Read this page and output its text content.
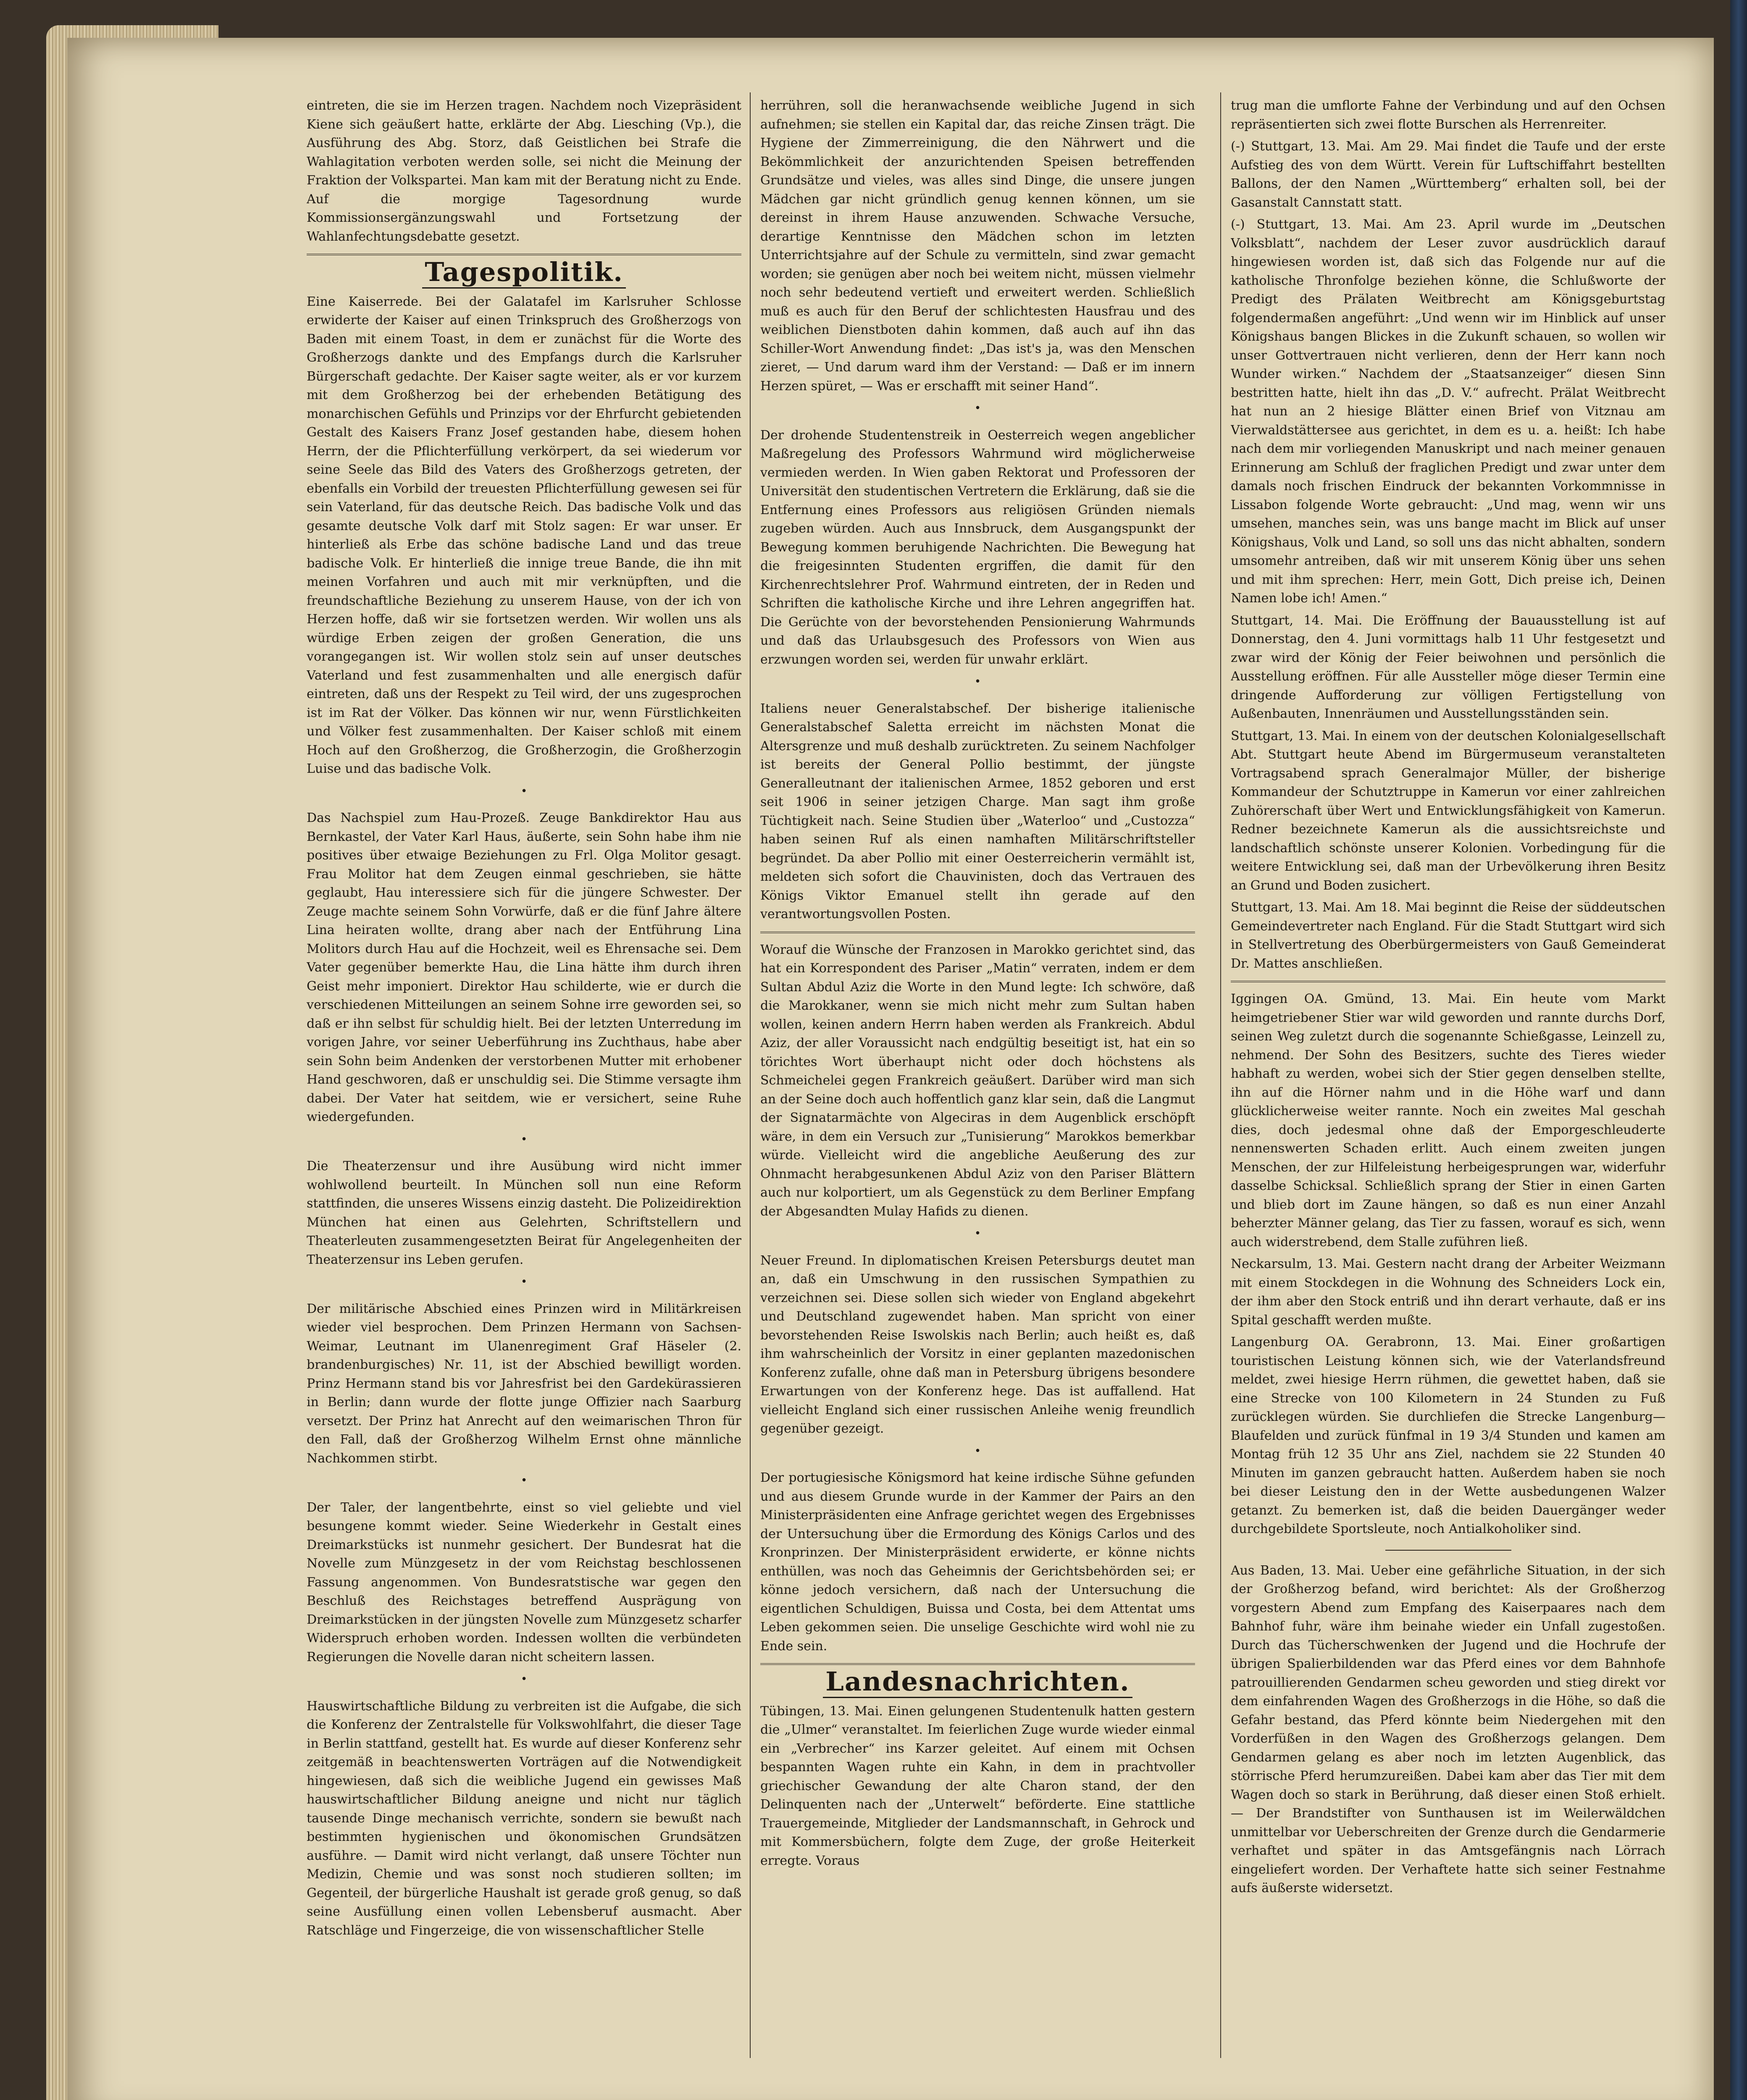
eintreten, die sie im Herzen tragen. Nachdem noch Vizepräsident Kiene sich geäußert hatte, erklärte der Abg. Liesching (Vp.), die Ausführung des Abg. Storz, daß Geistlichen bei Strafe die Wahlagitation verboten werden solle, sei nicht die Meinung der Fraktion der Volkspartei. Man kam mit der Beratung nicht zu Ende. Auf die morgige Tagesordnung wurde Kommissionsergänzungswahl und Fortsetzung der Wahlanfechtungsdebatte gesetzt.

Tagespolitik.

Eine Kaiserrede. Bei der Galatafel im Karlsruher Schlosse erwiderte der Kaiser auf einen Trinkspruch des Großherzogs von Baden mit einem Toast, in dem er zunächst für die Worte des Großherzogs dankte und des Empfangs durch die Karlsruher Bürgerschaft gedachte. Der Kaiser sagte weiter, als er vor kurzem mit dem Großherzog bei der erhebenden Betätigung des monarchischen Gefühls und Prinzips vor der Ehrfurcht gebietenden Gestalt des Kaisers Franz Josef gestanden habe, diesem hohen Herrn, der die Pflichterfüllung verkörpert, da sei wiederum vor seine Seele das Bild des Vaters des Großherzogs getreten, der ebenfalls ein Vorbild der treuesten Pflichterfüllung gewesen sei für sein Vaterland, für das deutsche Reich. Das badische Volk und das gesamte deutsche Volk darf mit Stolz sagen: Er war unser. Er hinterließ als Erbe das schöne badische Land und das treue badische Volk. Er hinterließ die innige treue Bande, die ihn mit meinen Vorfahren und auch mit mir verknüpften, und die freundschaftliche Beziehung zu unserem Hause, von der ich von Herzen hoffe, daß wir sie fortsetzen werden. Wir wollen uns als würdige Erben zeigen der großen Generation, die uns vorangegangen ist. Wir wollen stolz sein auf unser deutsches Vaterland und fest zusammenhalten und alle energisch dafür eintreten, daß uns der Respekt zu Teil wird, der uns zugesprochen ist im Rat der Völker. Das können wir nur, wenn Fürstlichkeiten und Völker fest zusammenhalten. Der Kaiser schloß mit einem Hoch auf den Großherzog, die Großherzogin, die Großherzogin Luise und das badische Volk.

•

Das Nachspiel zum Hau-Prozeß. Zeuge Bankdirektor Hau aus Bernkastel, der Vater Karl Haus, äußerte, sein Sohn habe ihm nie positives über etwaige Beziehungen zu Frl. Olga Molitor gesagt. Frau Molitor hat dem Zeugen einmal geschrieben, sie hätte geglaubt, Hau interessiere sich für die jüngere Schwester. Der Zeuge machte seinem Sohn Vorwürfe, daß er die fünf Jahre ältere Lina heiraten wollte, drang aber nach der Entführung Lina Molitors durch Hau auf die Hochzeit, weil es Ehrensache sei. Dem Vater gegenüber bemerkte Hau, die Lina hätte ihm durch ihren Geist mehr imponiert. Direktor Hau schilderte, wie er durch die verschiedenen Mitteilungen an seinem Sohne irre geworden sei, so daß er ihn selbst für schuldig hielt. Bei der letzten Unterredung im vorigen Jahre, vor seiner Ueberführung ins Zuchthaus, habe aber sein Sohn beim Andenken der verstorbenen Mutter mit erhobener Hand geschworen, daß er unschuldig sei. Die Stimme versagte ihm dabei. Der Vater hat seitdem, wie er versichert, seine Ruhe wiedergefunden.

•

Die Theaterzensur und ihre Ausübung wird nicht immer wohlwollend beurteilt. In München soll nun eine Reform stattfinden, die unseres Wissens einzig dasteht. Die Polizeidirektion München hat einen aus Gelehrten, Schriftstellern und Theaterleuten zusammengesetzten Beirat für Angelegenheiten der Theaterzensur ins Leben gerufen.

•

Der militärische Abschied eines Prinzen wird in Militärkreisen wieder viel besprochen. Dem Prinzen Hermann von Sachsen-Weimar, Leutnant im Ulanenregiment Graf Häseler (2. brandenburgisches) Nr. 11, ist der Abschied bewilligt worden. Prinz Hermann stand bis vor Jahresfrist bei den Gardekürassieren in Berlin; dann wurde der flotte junge Offizier nach Saarburg versetzt. Der Prinz hat Anrecht auf den weimarischen Thron für den Fall, daß der Großherzog Wilhelm Ernst ohne männliche Nachkommen stirbt.

•

Der Taler, der langentbehrte, einst so viel geliebte und viel besungene kommt wieder. Seine Wiederkehr in Gestalt eines Dreimarkstücks ist nunmehr gesichert. Der Bundesrat hat die Novelle zum Münzgesetz in der vom Reichstag beschlossenen Fassung angenommen. Von Bundesratstische war gegen den Beschluß des Reichstages betreffend Ausprägung von Dreimarkstücken in der jüngsten Novelle zum Münzgesetz scharfer Widerspruch erhoben worden. Indessen wollten die verbündeten Regierungen die Novelle daran nicht scheitern lassen.

•

Hauswirtschaftliche Bildung zu verbreiten ist die Aufgabe, die sich die Konferenz der Zentralstelle für Volkswohlfahrt, die dieser Tage in Berlin stattfand, gestellt hat. Es wurde auf dieser Konferenz sehr zeitgemäß in beachtenswerten Vorträgen auf die Notwendigkeit hingewiesen, daß sich die weibliche Jugend ein gewisses Maß hauswirtschaftlicher Bildung aneigne und nicht nur täglich tausende Dinge mechanisch verrichte, sondern sie bewußt nach bestimmten hygienischen und ökonomischen Grundsätzen ausführe. — Damit wird nicht verlangt, daß unsere Töchter nun Medizin, Chemie und was sonst noch studieren sollten; im Gegenteil, der bürgerliche Haushalt ist gerade groß genug, so daß seine Ausfüllung einen vollen Lebensberuf ausmacht. Aber Ratschläge und Fingerzeige, die von wissenschaftlicher Stelle

herrühren, soll die heranwachsende weibliche Jugend in sich aufnehmen; sie stellen ein Kapital dar, das reiche Zinsen trägt. Die Hygiene der Zimmerreinigung, die den Nährwert und die Bekömmlichkeit der anzurichtenden Speisen betreffenden Grundsätze und vieles, was alles sind Dinge, die unsere jungen Mädchen gar nicht gründlich genug kennen können, um sie dereinst in ihrem Hause anzuwenden. Schwache Versuche, derartige Kenntnisse den Mädchen schon im letzten Unterrichtsjahre auf der Schule zu vermitteln, sind zwar gemacht worden; sie genügen aber noch bei weitem nicht, müssen vielmehr noch sehr bedeutend vertieft und erweitert werden. Schließlich muß es auch für den Beruf der schlichtesten Hausfrau und des weiblichen Dienstboten dahin kommen, daß auch auf ihn das Schiller-Wort Anwendung findet: „Das ist's ja, was den Menschen zieret, — Und darum ward ihm der Verstand: — Daß er im innern Herzen spüret, — Was er erschafft mit seiner Hand“.

•

Der drohende Studentenstreik in Oesterreich wegen angeblicher Maßregelung des Professors Wahrmund wird möglicherweise vermieden werden. In Wien gaben Rektorat und Professoren der Universität den studentischen Vertretern die Erklärung, daß sie die Entfernung eines Professors aus religiösen Gründen niemals zugeben würden. Auch aus Innsbruck, dem Ausgangspunkt der Bewegung kommen beruhigende Nachrichten. Die Bewegung hat die freigesinnten Studenten ergriffen, die damit für den Kirchenrechtslehrer Prof. Wahrmund eintreten, der in Reden und Schriften die katholische Kirche und ihre Lehren angegriffen hat. Die Gerüchte von der bevorstehenden Pensionierung Wahrmunds und daß das Urlaubsgesuch des Professors von Wien aus erzwungen worden sei, werden für unwahr erklärt.

•

Italiens neuer Generalstabschef. Der bisherige italienische Generalstabschef Saletta erreicht im nächsten Monat die Altersgrenze und muß deshalb zurücktreten. Zu seinem Nachfolger ist bereits der General Pollio bestimmt, der jüngste Generalleutnant der italienischen Armee, 1852 geboren und erst seit 1906 in seiner jetzigen Charge. Man sagt ihm große Tüchtigkeit nach. Seine Studien über „Waterloo“ und „Custozza“ haben seinen Ruf als einen namhaften Militärschriftsteller begründet. Da aber Pollio mit einer Oesterreicherin vermählt ist, meldeten sich sofort die Chauvinisten, doch das Vertrauen des Königs Viktor Emanuel stellt ihn gerade auf den verantwortungsvollen Posten.

Worauf die Wünsche der Franzosen in Marokko gerichtet sind, das hat ein Korrespondent des Pariser „Matin“ verraten, indem er dem Sultan Abdul Aziz die Worte in den Mund legte: Ich schwöre, daß die Marokkaner, wenn sie mich nicht mehr zum Sultan haben wollen, keinen andern Herrn haben werden als Frankreich. Abdul Aziz, der aller Voraussicht nach endgültig beseitigt ist, hat ein so törichtes Wort überhaupt nicht oder doch höchstens als Schmeichelei gegen Frankreich geäußert. Darüber wird man sich an der Seine doch auch hoffentlich ganz klar sein, daß die Langmut der Signatarmächte von Algeciras in dem Augenblick erschöpft wäre, in dem ein Versuch zur „Tunisierung“ Marokkos bemerkbar würde. Vielleicht wird die angebliche Aeußerung des zur Ohnmacht herabgesunkenen Abdul Aziz von den Pariser Blättern auch nur kolportiert, um als Gegenstück zu dem Berliner Empfang der Abgesandten Mulay Hafids zu dienen.

•

Neuer Freund. In diplomatischen Kreisen Petersburgs deutet man an, daß ein Umschwung in den russischen Sympathien zu verzeichnen sei. Diese sollen sich wieder von England abgekehrt und Deutschland zugewendet haben. Man spricht von einer bevorstehenden Reise Iswolskis nach Berlin; auch heißt es, daß ihm wahrscheinlich der Vorsitz in einer geplanten mazedonischen Konferenz zufalle, ohne daß man in Petersburg übrigens besondere Erwartungen von der Konferenz hege. Das ist auffallend. Hat vielleicht England sich einer russischen Anleihe wenig freundlich gegenüber gezeigt.

•

Der portugiesische Königsmord hat keine irdische Sühne gefunden und aus diesem Grunde wurde in der Kammer der Pairs an den Ministerpräsidenten eine Anfrage gerichtet wegen des Ergebnisses der Untersuchung über die Ermordung des Königs Carlos und des Kronprinzen. Der Ministerpräsident erwiderte, er könne nichts enthüllen, was noch das Geheimnis der Gerichtsbehörden sei; er könne jedoch versichern, daß nach der Untersuchung die eigentlichen Schuldigen, Buissa und Costa, bei dem Attentat ums Leben gekommen seien. Die unselige Geschichte wird wohl nie zu Ende sein.

Landesnachrichten.

Tübingen, 13. Mai. Einen gelungenen Studentenulk hatten gestern die „Ulmer“ veranstaltet. Im feierlichen Zuge wurde wieder einmal ein „Verbrecher“ ins Karzer geleitet. Auf einem mit Ochsen bespannten Wagen ruhte ein Kahn, in dem in prachtvoller griechischer Gewandung der alte Charon stand, der den Delinquenten nach der „Unterwelt“ beförderte. Eine stattliche Trauergemeinde, Mitglieder der Landsmannschaft, in Gehrock und mit Kommersbüchern, folgte dem Zuge, der große Heiterkeit erregte. Voraus

trug man die umflorte Fahne der Verbindung und auf den Ochsen repräsentierten sich zwei flotte Burschen als Herrenreiter.

(-) Stuttgart, 13. Mai. Am 29. Mai findet die Taufe und der erste Aufstieg des von dem Württ. Verein für Luftschiffahrt bestellten Ballons, der den Namen „Württemberg“ erhalten soll, bei der Gasanstalt Cannstatt statt.

(-) Stuttgart, 13. Mai. Am 23. April wurde im „Deutschen Volksblatt“, nachdem der Leser zuvor ausdrücklich darauf hingewiesen worden ist, daß sich das Folgende nur auf die katholische Thronfolge beziehen könne, die Schlußworte der Predigt des Prälaten Weitbrecht am Königsgeburtstag folgendermaßen angeführt: „Und wenn wir im Hinblick auf unser Königshaus bangen Blickes in die Zukunft schauen, so wollen wir unser Gottvertrauen nicht verlieren, denn der Herr kann noch Wunder wirken.“ Nachdem der „Staatsanzeiger“ diesen Sinn bestritten hatte, hielt ihn das „D. V.“ aufrecht. Prälat Weitbrecht hat nun an 2 hiesige Blätter einen Brief von Vitznau am Vierwaldstättersee aus gerichtet, in dem es u. a. heißt: Ich habe nach dem mir vorliegenden Manuskript und nach meiner genauen Erinnerung am Schluß der fraglichen Predigt und zwar unter dem damals noch frischen Eindruck der bekannten Vorkommnisse in Lissabon folgende Worte gebraucht: „Und mag, wenn wir uns umsehen, manches sein, was uns bange macht im Blick auf unser Königshaus, Volk und Land, so soll uns das nicht abhalten, sondern umsomehr antreiben, daß wir mit unserem König über uns sehen und mit ihm sprechen: Herr, mein Gott, Dich preise ich, Deinen Namen lobe ich! Amen.“

Stuttgart, 14. Mai. Die Eröffnung der Bauausstellung ist auf Donnerstag, den 4. Juni vormittags halb 11 Uhr festgesetzt und zwar wird der König der Feier beiwohnen und persönlich die Ausstellung eröffnen. Für alle Aussteller möge dieser Termin eine dringende Aufforderung zur völligen Fertigstellung von Außenbauten, Innenräumen und Ausstellungsständen sein.

Stuttgart, 13. Mai. In einem von der deutschen Kolonialgesellschaft Abt. Stuttgart heute Abend im Bürgermuseum veranstalteten Vortragsabend sprach Generalmajor Müller, der bisherige Kommandeur der Schutztruppe in Kamerun vor einer zahlreichen Zuhörerschaft über Wert und Entwicklungsfähigkeit von Kamerun. Redner bezeichnete Kamerun als die aussichtsreichste und landschaftlich schönste unserer Kolonien. Vorbedingung für die weitere Entwicklung sei, daß man der Urbevölkerung ihren Besitz an Grund und Boden zusichert.

Stuttgart, 13. Mai. Am 18. Mai beginnt die Reise der süddeutschen Gemeindevertreter nach England. Für die Stadt Stuttgart wird sich in Stellvertretung des Oberbürgermeisters von Gauß Gemeinderat Dr. Mattes anschließen.

Iggingen OA. Gmünd, 13. Mai. Ein heute vom Markt heimgetriebener Stier war wild geworden und rannte durchs Dorf, seinen Weg zuletzt durch die sogenannte Schießgasse, Leinzell zu, nehmend. Der Sohn des Besitzers, suchte des Tieres wieder habhaft zu werden, wobei sich der Stier gegen denselben stellte, ihn auf die Hörner nahm und in die Höhe warf und dann glücklicherweise weiter rannte. Noch ein zweites Mal geschah dies, doch jedesmal ohne daß der Emporgeschleuderte nennenswerten Schaden erlitt. Auch einem zweiten jungen Menschen, der zur Hilfeleistung herbeigesprungen war, widerfuhr dasselbe Schicksal. Schließlich sprang der Stier in einen Garten und blieb dort im Zaune hängen, so daß es nun einer Anzahl beherzter Männer gelang, das Tier zu fassen, worauf es sich, wenn auch widerstrebend, dem Stalle zuführen ließ.

Neckarsulm, 13. Mai. Gestern nacht drang der Arbeiter Weizmann mit einem Stockdegen in die Wohnung des Schneiders Lock ein, der ihm aber den Stock entriß und ihn derart verhaute, daß er ins Spital geschafft werden mußte.

Langenburg OA. Gerabronn, 13. Mai. Einer großartigen touristischen Leistung können sich, wie der Vaterlandsfreund meldet, zwei hiesige Herrn rühmen, die gewettet haben, daß sie eine Strecke von 100 Kilometern in 24 Stunden zu Fuß zurücklegen würden. Sie durchliefen die Strecke Langenburg—Blaufelden und zurück fünfmal in 19 3/4 Stunden und kamen am Montag früh 12 35 Uhr ans Ziel, nachdem sie 22 Stunden 40 Minuten im ganzen gebraucht hatten. Außerdem haben sie noch bei dieser Leistung den in der Wette ausbedungenen Walzer getanzt. Zu bemerken ist, daß die beiden Dauergänger weder durchgebildete Sportsleute, noch Antialkoholiker sind.

Aus Baden, 13. Mai. Ueber eine gefährliche Situation, in der sich der Großherzog befand, wird berichtet: Als der Großherzog vorgestern Abend zum Empfang des Kaiserpaares nach dem Bahnhof fuhr, wäre ihm beinahe wieder ein Unfall zugestoßen. Durch das Tücherschwenken der Jugend und die Hochrufe der übrigen Spalierbildenden war das Pferd eines vor dem Bahnhofe patrouillierenden Gendarmen scheu geworden und stieg direkt vor dem einfahrenden Wagen des Großherzogs in die Höhe, so daß die Gefahr bestand, das Pferd könnte beim Niedergehen mit den Vorderfüßen in den Wagen des Großherzogs gelangen. Dem Gendarmen gelang es aber noch im letzten Augenblick, das störrische Pferd herumzureißen. Dabei kam aber das Tier mit dem Wagen doch so stark in Berührung, daß dieser einen Stoß erhielt. — Der Brandstifter von Sunthausen ist im Weilerwäldchen unmittelbar vor Ueberschreiten der Grenze durch die Gendarmerie verhaftet und später in das Amtsgefängnis nach Lörrach eingeliefert worden. Der Verhaftete hatte sich seiner Festnahme aufs äußerste widersetzt.
